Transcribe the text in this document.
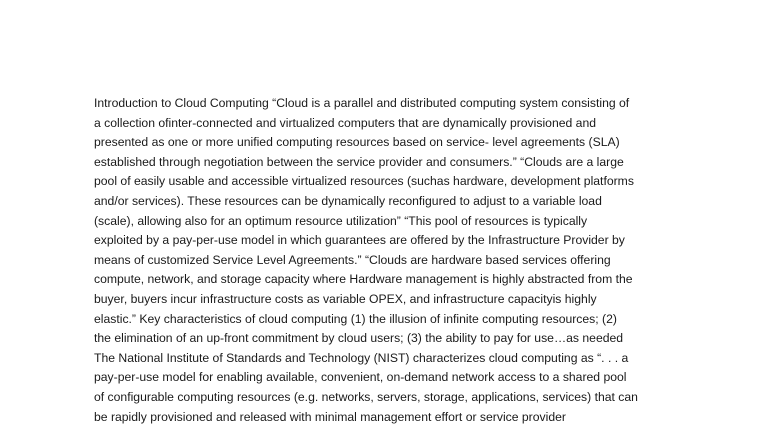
Introduction to Cloud Computing “Cloud is a parallel and distributed computing system consisting of
a collection ofinter-connected and virtualized computers that are dynamically provisioned and
presented as one or more unified computing resources based on service- level agreements (SLA)
established through negotiation between the service provider and consumers.” “Clouds are a large
pool of easily usable and accessible virtualized resources (suchas hardware, development platforms
and/or services). These resources can be dynamically reconfigured to adjust to a variable load
(scale), allowing also for an optimum resource utilization” “This pool of resources is typically
exploited by a pay-per-use model in which guarantees are offered by the Infrastructure Provider by
means of customized Service Level Agreements.” “Clouds are hardware based services offering
compute, network, and storage capacity where Hardware management is highly abstracted from the
buyer, buyers incur infrastructure costs as variable OPEX, and infrastructure capacityis highly
elastic.” Key characteristics of cloud computing (1) the illusion of infinite computing resources; (2)
the elimination of an up-front commitment by cloud users; (3) the ability to pay for use…as needed
The National Institute of Standards and Technology (NIST) characterizes cloud computing as “. . . a
pay-per-use model for enabling available, convenient, on-demand network access to a shared pool
of configurable computing resources (e.g. networks, servers, storage, applications, services) that can
be rapidly provisioned and released with minimal management effort or service provider
